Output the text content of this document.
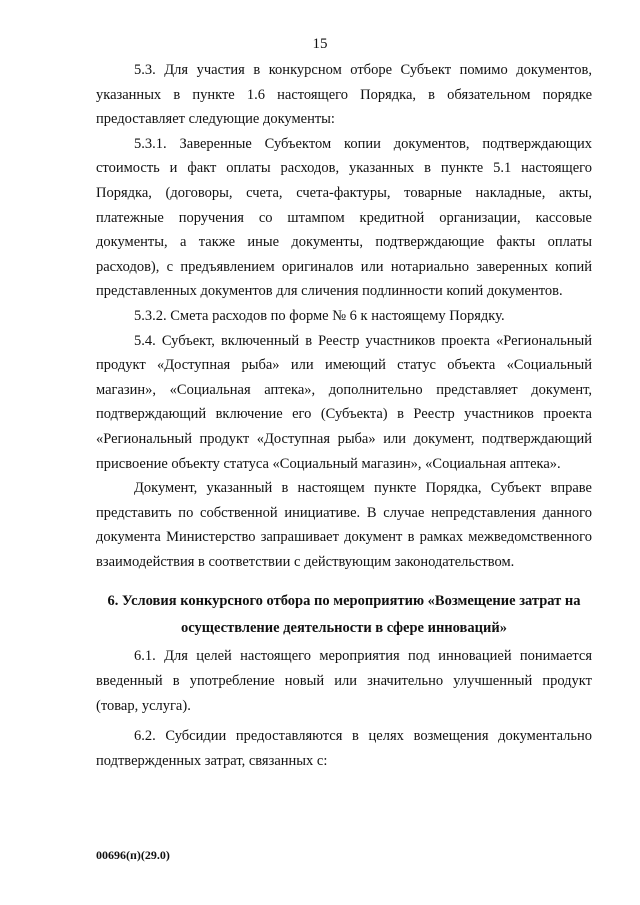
15

5.3. Для участия в конкурсном отборе Субъект помимо документов, указанных в пункте 1.6 настоящего Порядка, в обязательном порядке предоставляет следующие документы:

5.3.1. Заверенные Субъектом копии документов, подтверждающих стоимость и факт оплаты расходов, указанных в пункте 5.1 настоящего Порядка, (договоры, счета, счета-фактуры, товарные накладные, акты, платежные поручения со штампом кредитной организации, кассовые документы, а также иные документы, подтверждающие факты оплаты расходов), с предъявлением оригиналов или нотариально заверенных копий представленных документов для сличения подлинности копий документов.

5.3.2. Смета расходов по форме № 6 к настоящему Порядку.

5.4. Субъект, включенный в Реестр участников проекта «Региональный продукт «Доступная рыба» или имеющий статус объекта «Социальный магазин», «Социальная аптека», дополнительно представляет документ, подтверждающий включение его (Субъекта) в Реестр участников проекта «Региональный продукт «Доступная рыба» или документ, подтверждающий присвоение объекту статуса «Социальный магазин», «Социальная аптека».

Документ, указанный в настоящем пункте Порядка, Субъект вправе представить по собственной инициативе. В случае непредставления данного документа Министерство запрашивает документ в рамках межведомственного взаимодействия в соответствии с действующим законодательством.

6. Условия конкурсного отбора по мероприятию «Возмещение затрат на
осуществление деятельности в сфере инноваций»

6.1. Для целей настоящего мероприятия под инновацией понимается введенный в употребление новый или значительно улучшенный продукт (товар, услуга).

6.2. Субсидии предоставляются в целях возмещения документально подтвержденных затрат, связанных с:

00696(п)(29.0)
